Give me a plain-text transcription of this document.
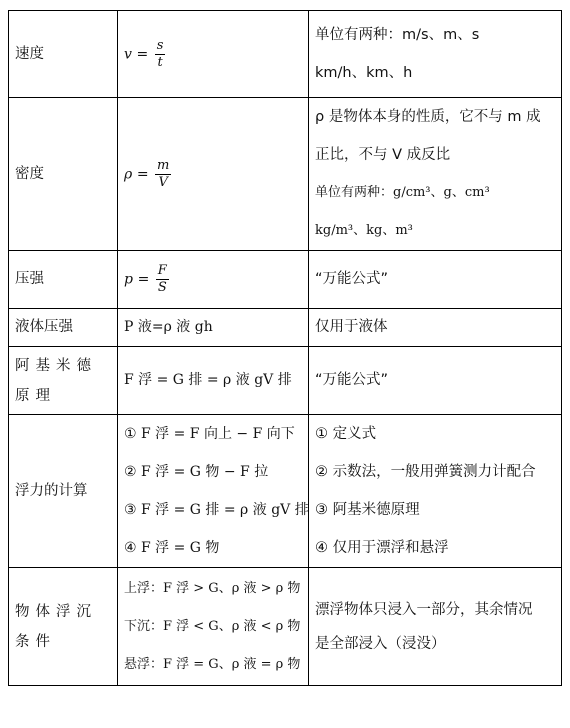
速度	$v = \frac{s}{t}$	单位有两种：m/s、m、s
km/h、km、h

密度	$\rho = \frac{m}{V}$	ρ 是物体本身的性质，它不与 m 成
正比，不与 V 成反比
单位有两种：g/cm³、g、cm³
kg/m³、kg、m³

压强	$p = \frac{F}{S}$	“万能公式”
液体压强	P 液=ρ 液 gh	仅用于液体
阿基米德原理	F 浮 = G 排 = ρ 液 gV 排	“万能公式”
浮力的计算	① F 浮 = F 向上 − F 向下
② F 浮 = G 物 − F 拉
③ F 浮 = G 排 = ρ 液 gV 排
④ F 浮 = G 物	① 定义式
② 示数法，一般用弹簧测力计配合
③ 阿基米德原理
④ 仅用于漂浮和悬浮

物体浮沉条件	上浮：F 浮 > G、ρ 液 > ρ 物
下沉：F 浮 < G、ρ 液 < ρ 物
悬浮：F 浮 = G、ρ 液 = ρ 物	漂浮物体只浸入一部分，其余情况
是全部浸入（浸没）
